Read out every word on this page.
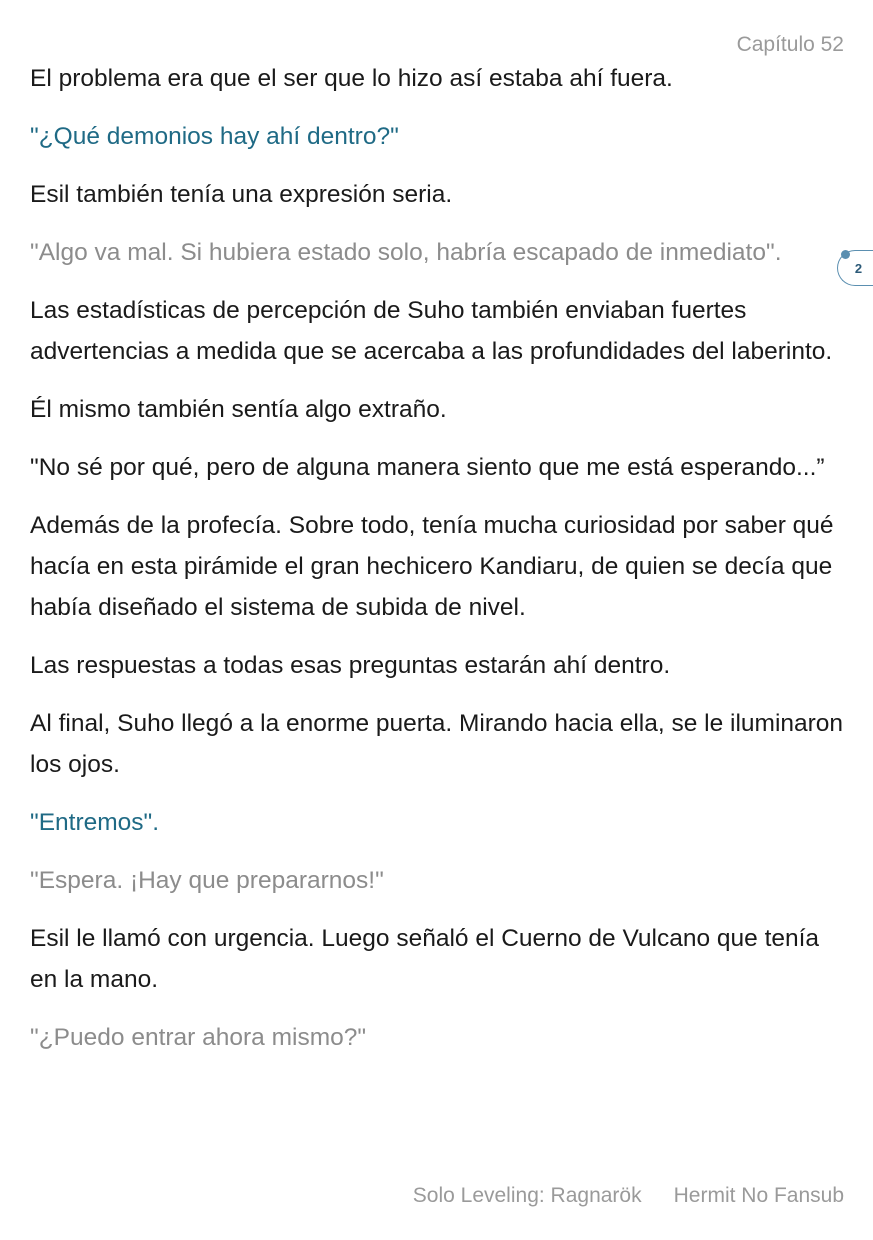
Capítulo 52

El problema era que el ser que lo hizo así estaba ahí fuera.

"¿Qué demonios hay ahí dentro?"

Esil también tenía una expresión seria.

"Algo va mal. Si hubiera estado solo, habría escapado de inmediato".

Las estadísticas de percepción de Suho también enviaban fuertes advertencias a medida que se acercaba a las profundidades del laberinto.

Él mismo también sentía algo extraño.

"No sé por qué, pero de alguna manera siento que me está esperando...”

Además de la profecía. Sobre todo, tenía mucha curiosidad por saber qué hacía en esta pirámide el gran hechicero Kandiaru, de quien se decía que había diseñado el sistema de subida de nivel.

Las respuestas a todas esas preguntas estarán ahí dentro.

Al final, Suho llegó a la enorme puerta. Mirando hacia ella, se le iluminaron los ojos.

"Entremos".

"Espera. ¡Hay que prepararnos!"

Esil le llamó con urgencia. Luego señaló el Cuerno de Vulcano que tenía en la mano.

"¿Puedo entrar ahora mismo?"

2
Solo Leveling: Ragnarök Hermit No Fansub
